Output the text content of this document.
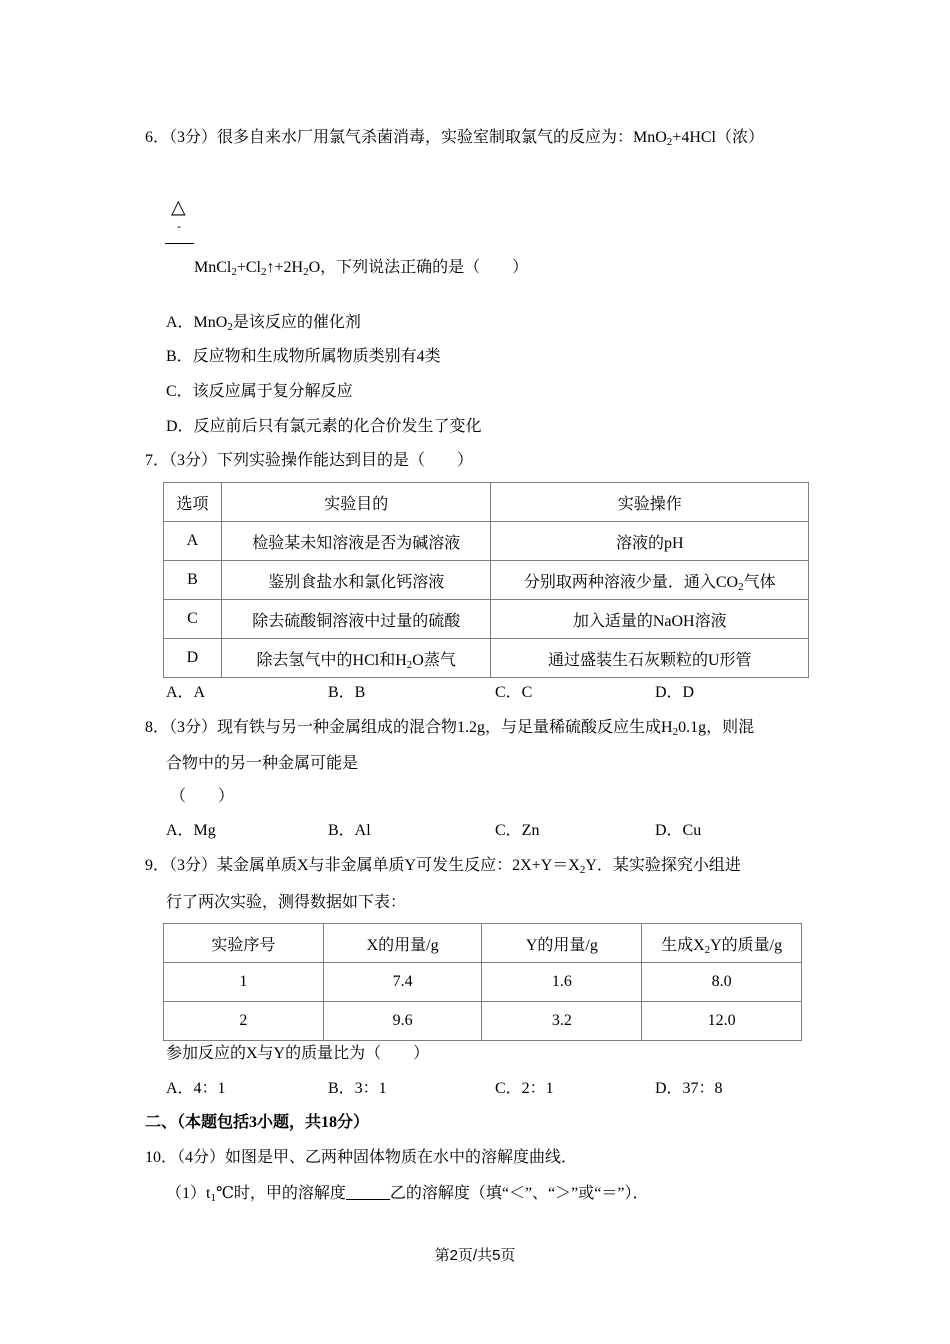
6．（3分）很多自来水厂用氯气杀菌消毒，实验室制取氯气的反应为：MnO$_2$+4HCl（浓）
△
-
$MnCl_2+Cl_2↑+2H_2O$，下列说法正确的是（　　）
A．MnO$_2$是该反应的催化剂
B．反应物和生成物所属物质类别有4类
C．该反应属于复分解反应
D．反应前后只有氯元素的化合价发生了变化
7．（3分）下列实验操作能达到目的是（　　）
选项	实验目的	实验操作
A	检验某未知溶液是否为碱溶液	溶液的pH
B	鉴别食盐水和氯化钙溶液	分别取两种溶液少量．通入$CO_2$气体
C	除去硫酸铜溶液中过量的硫酸	加入适量的NaOH溶液
D	除去氢气中的HCl和$H_2O$蒸气	通过盛装生石灰颗粒的U形管
A．A	B．B	C．C	D．D
8．（3分）现有铁与另一种金属组成的混合物1.2g，与足量稀硫酸反应生成$H_20.1g$，则混
合物中的另一种金属可能是
（　　）
A．Mg	B．Al	C．Zn	D．Cu
9．（3分）某金属单质X与非金属单质Y可发生反应：$2X+Y=X_2Y$．某实验探究小组进
行了两次实验，测得数据如下表：
实验序号	X的用量/g	Y的用量/g	生成$X_2Y$的质量/g
1	7.4	1.6	8.0
2	9.6	3.2	12.0
参加反应的X与Y的质量比为（　　）
A．4：1	B．3：1	C．2：1	D．37：8
二、（本题包括3小题，共18分）
10．（4分）如图是甲、乙两种固体物质在水中的溶解度曲线．
$(1)t_1℃$时，甲的溶解度	乙的溶解度（填“＜”、“＞”或“＝”）．
第2页/共5页
